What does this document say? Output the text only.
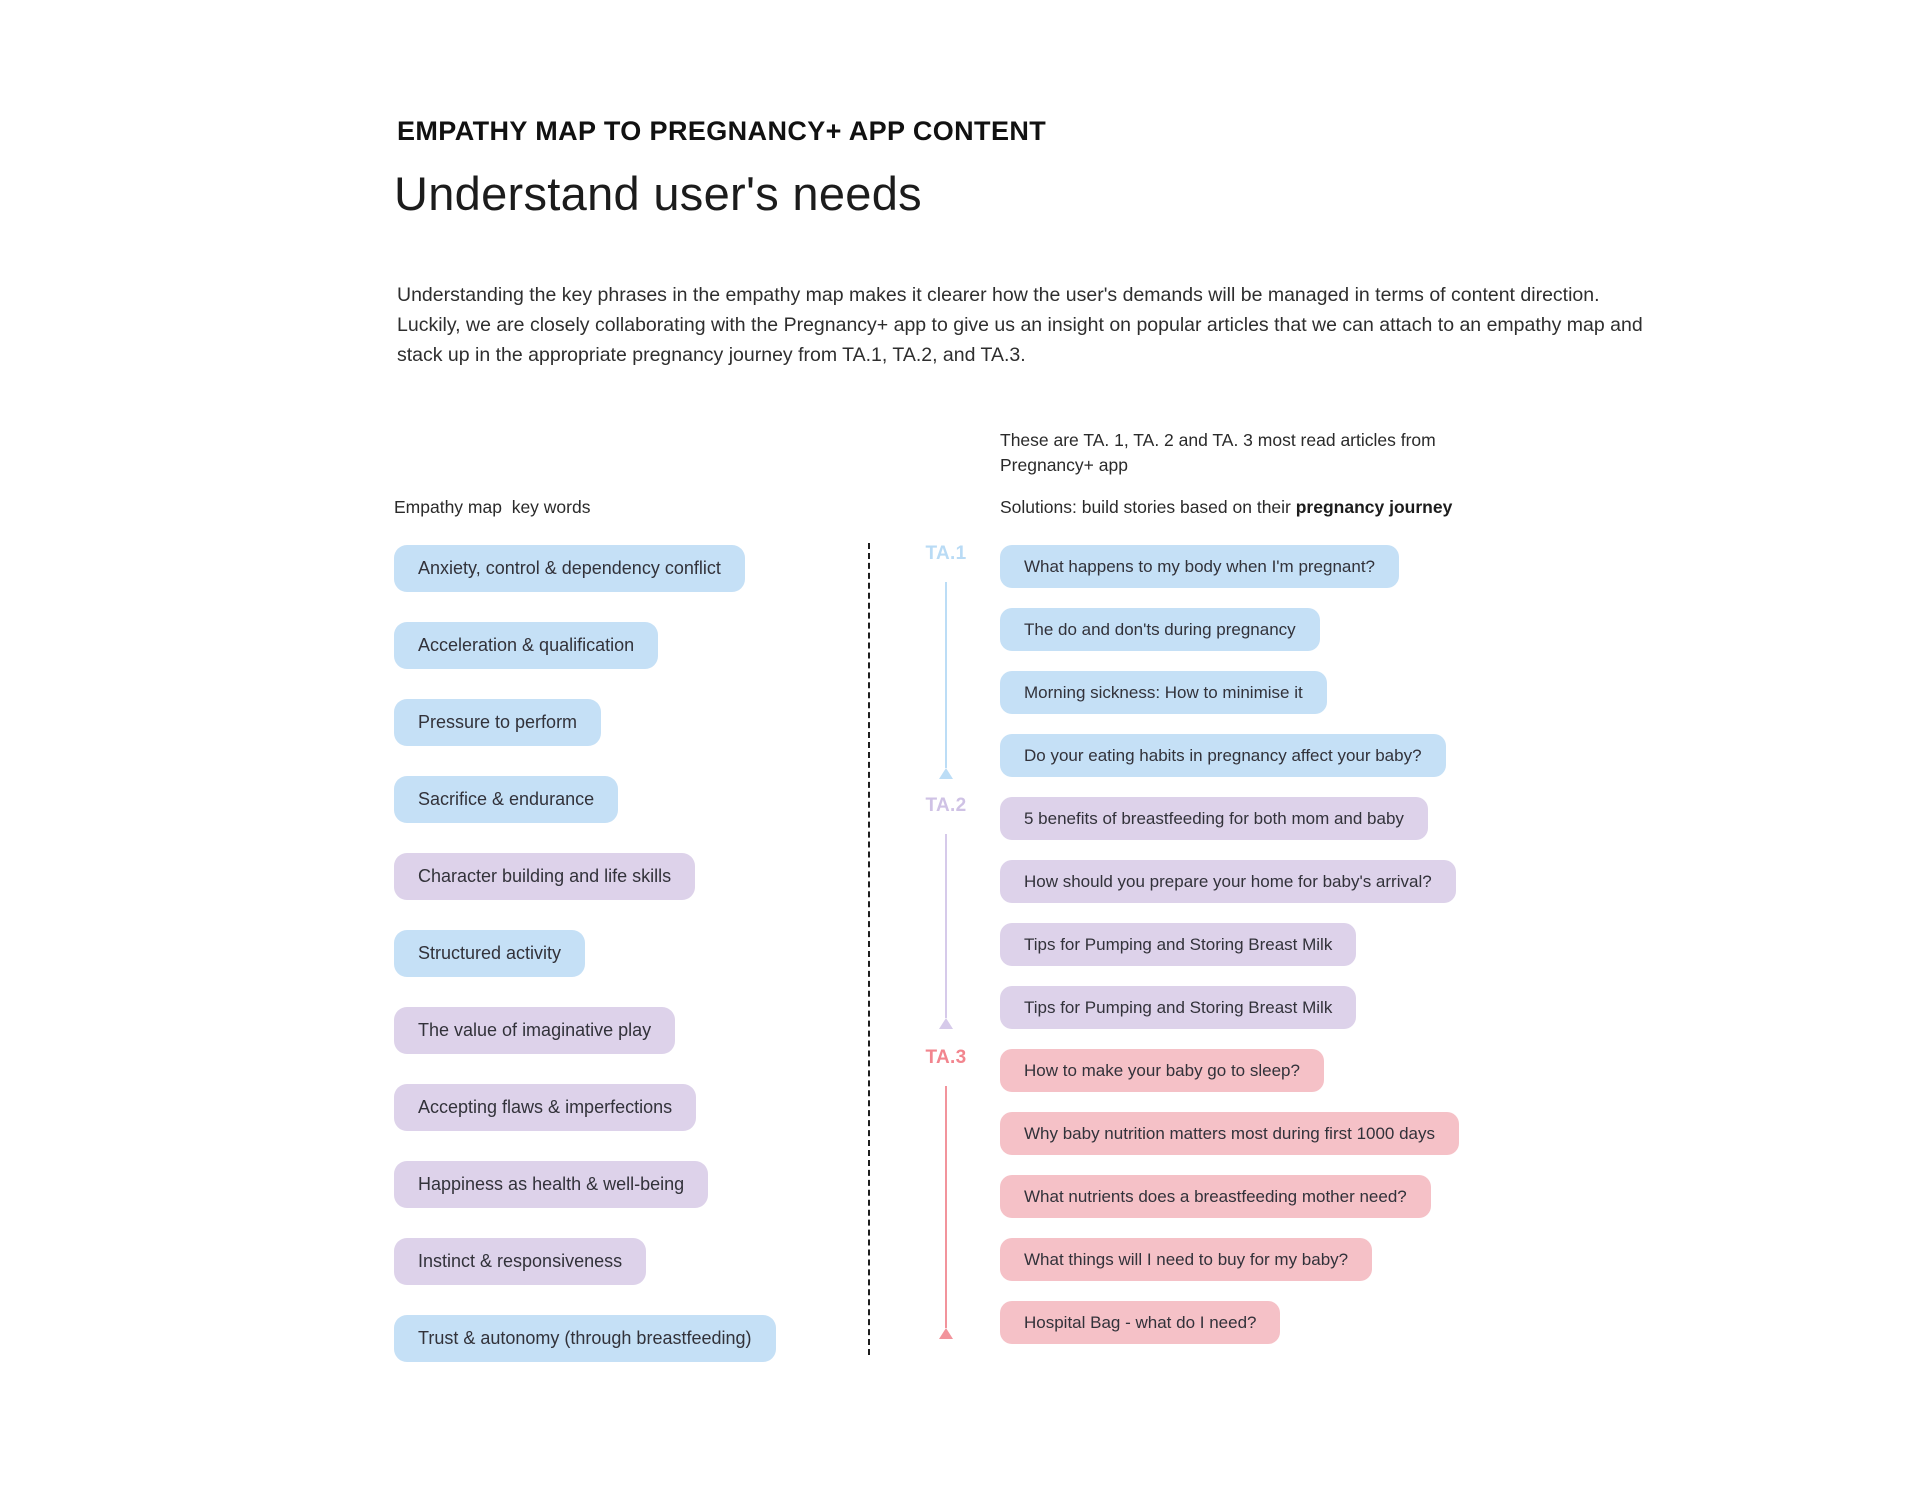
EMPATHY MAP TO PREGNANCY+ APP CONTENT
Understand user's needs
Understanding the key phrases in the empathy map makes it clearer how the user's demands will be managed in terms of content direction. Luckily, we are closely collaborating with the Pregnancy+ app to give us an insight on popular articles that we can attach to an empathy map and stack up in the appropriate pregnancy journey from TA.1, TA.2, and TA.3.
Empathy map  key words
These are TA. 1, TA. 2 and TA. 3 most read articles from
Pregnancy+ app
Solutions: build stories based on their pregnancy journey
Anxiety, control & dependency conflict
Acceleration & qualification
Pressure to perform
Sacrifice & endurance
Character building and life skills
Structured activity
The value of imaginative play
Accepting flaws & imperfections
Happiness as health & well-being
Instinct & responsiveness
Trust & autonomy (through breastfeeding)
What happens to my body when I'm pregnant?
The do and don'ts during pregnancy
Morning sickness: How to minimise it
Do your eating habits in pregnancy affect your baby?
5 benefits of breastfeeding for both mom and baby
How should you prepare your home for baby's arrival?
Tips for Pumping and Storing Breast Milk
Tips for Pumping and Storing Breast Milk
How to make your baby go to sleep?
Why baby nutrition matters most during first 1000 days
What nutrients does a breastfeeding mother need?
What things will I need to buy for my baby?
Hospital Bag - what do I need?
TA.1
TA.2
TA.3
